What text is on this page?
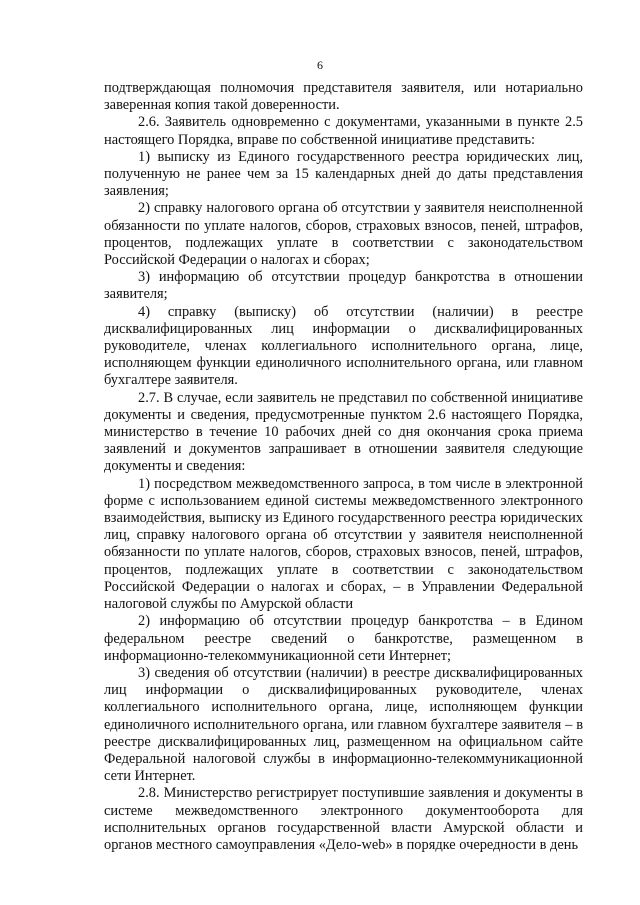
6

подтверждающая полномочия представителя заявителя, или нотариально заверенная копия такой доверенности.

2.6. Заявитель одновременно с документами, указанными в пункте 2.5 настоящего Порядка, вправе по собственной инициативе представить:

1) выписку из Единого государственного реестра юридических лиц, полученную не ранее чем за 15 календарных дней до даты представления заявления;

2) справку налогового органа об отсутствии у заявителя неисполненной обязанности по уплате налогов, сборов, страховых взносов, пеней, штрафов, процентов, подлежащих уплате в соответствии с законодательством Российской Федерации о налогах и сборах;

3) информацию об отсутствии процедур банкротства в отношении заявителя;

4) справку (выписку) об отсутствии (наличии) в реестре дисквалифицированных лиц информации о дисквалифицированных руководителе, членах коллегиального исполнительного органа, лице, исполняющем функции единоличного исполнительного органа, или главном бухгалтере заявителя.

2.7. В случае, если заявитель не представил по собственной инициативе документы и сведения, предусмотренные пунктом 2.6 настоящего Порядка, министерство в течение 10 рабочих дней со дня окончания срока приема заявлений и документов запрашивает в отношении заявителя следующие документы и сведения:

1) посредством межведомственного запроса, в том числе в электронной форме с использованием единой системы межведомственного электронного взаимодействия, выписку из Единого государственного реестра юридических лиц, справку налогового органа об отсутствии у заявителя неисполненной обязанности по уплате налогов, сборов, страховых взносов, пеней, штрафов, процентов, подлежащих уплате в соответствии с законодательством Российской Федерации о налогах и сборах, – в Управлении Федеральной налоговой службы по Амурской области

2) информацию об отсутствии процедур банкротства – в Едином федеральном реестре сведений о банкротстве, размещенном в информационно-телекоммуникационной сети Интернет;

3) сведения об отсутствии (наличии) в реестре дисквалифицированных лиц информации о дисквалифицированных руководителе, членах коллегиального исполнительного органа, лице, исполняющем функции единоличного исполнительного органа, или главном бухгалтере заявителя – в реестре дисквалифицированных лиц, размещенном на официальном сайте Федеральной налоговой службы в информационно-телекоммуникационной сети Интернет.

2.8. Министерство регистрирует поступившие заявления и документы в системе межведомственного электронного документооборота для исполнительных органов государственной власти Амурской области и органов местного самоуправления «Дело-web» в порядке очередности в день
